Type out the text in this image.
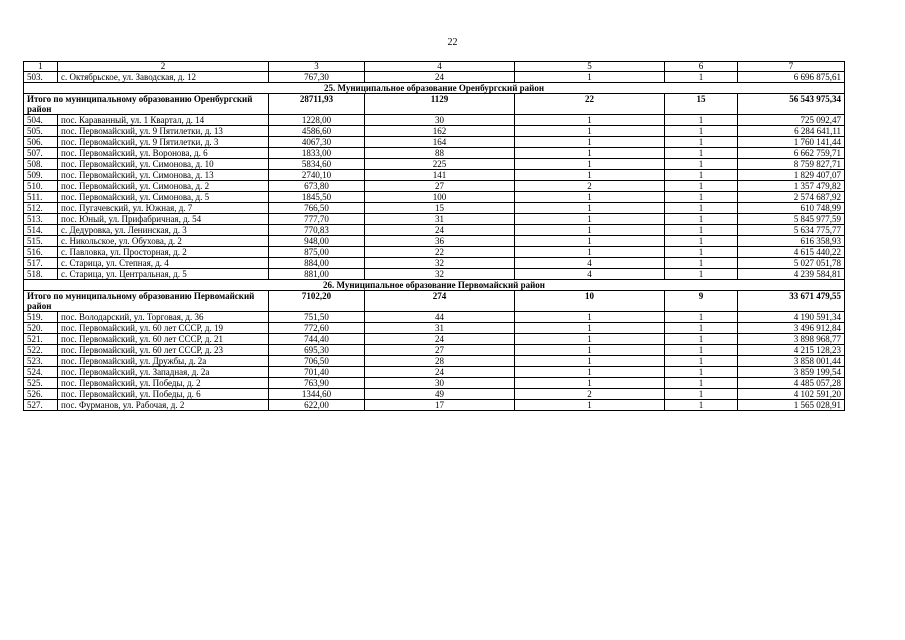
22
1	2	3	4	5	6	7
503.	с. Октябрьское, ул. Заводская, д. 12	767,30	24	1	1	6 696 875,61
25. Муниципальное образование Оренбургский район						
Итого по муниципальному образованию Оренбургский район		28711,93	1129	22	15	56 543 975,34
504.	пос. Караванный, ул. 1 Квартал, д. 14	1228,00	30	1	1	725 092,47
505.	пос. Первомайский, ул. 9 Пятилетки, д. 13	4586,60	162	1	1	6 284 641,11
506.	пос. Первомайский, ул. 9 Пятилетки, д. 3	4067,30	164	1	1	1 760 141,44
507.	пос. Первомайский, ул. Воронова, д. 6	1833,00	88	1	1	6 662 759,71
508.	пос. Первомайский, ул. Симонова, д. 10	5834,60	225	1	1	8 759 827,71
509.	пос. Первомайский, ул. Симонова, д. 13	2740,10	141	1	1	1 829 407,07
510.	пос. Первомайский, ул. Симонова, д. 2	673,80	27	2	1	1 357 479,82
511.	пос. Первомайский, ул. Симонова, д. 5	1845,50	100	1	1	2 574 687,92
512.	пос. Пугачевский, ул. Южная, д. 7	766,50	15	1	1	610 748,99
513.	пос. Юный, ул. Прифабричная, д. 54	777,70	31	1	1	5 845 977,59
514.	с. Дедуровка, ул. Ленинская, д. 3	770,83	24	1	1	5 634 775,77
515.	с. Никольское, ул. Обухова, д. 2	948,00	36	1	1	616 358,93
516.	с. Павловка, ул. Просторная, д. 2	875,00	22	1	1	4 615 440,22
517.	с. Старица, ул. Степная, д. 4	884,00	32	4	1	5 027 051,78
518.	с. Старица, ул. Центральная, д. 5	881,00	32	4	1	4 239 584,81
26. Муниципальное образование Первомайский район						
Итого по муниципальному образованию Первомайский район		7102,20	274	10	9	33 671 479,55
519.	пос. Володарский, ул. Торговая, д. 36	751,50	44	1	1	4 190 591,34
520.	пос. Первомайский, ул. 60 лет СССР, д. 19	772,60	31	1	1	3 496 912,84
521.	пос. Первомайский, ул. 60 лет СССР, д. 21	744,40	24	1	1	3 898 968,77
522.	пос. Первомайский, ул. 60 лет СССР, д. 23	695,30	27	1	1	4 215 128,23
523.	пос. Первомайский, ул. Дружбы, д. 2а	706,50	28	1	1	3 858 001,44
524.	пос. Первомайский, ул. Западная, д. 2а	701,40	24	1	1	3 859 199,54
525.	пос. Первомайский, ул. Победы, д. 2	763,90	30	1	1	4 485 057,28
526.	пос. Первомайский, ул. Победы, д. 6	1344,60	49	2	1	4 102 591,20
527.	пос. Фурманов, ул. Рабочая, д. 2	622,00	17	1	1	1 565 028,91
